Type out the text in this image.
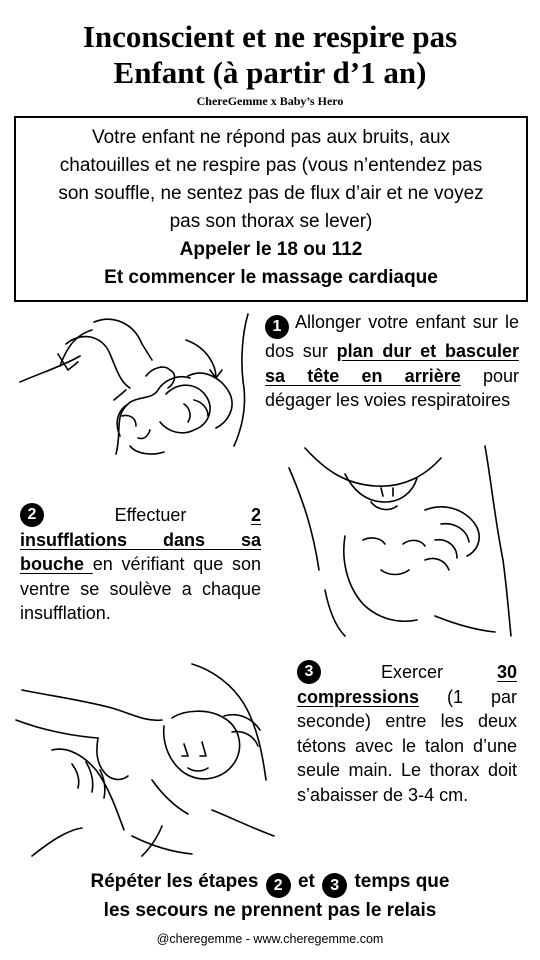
Inconscient et ne respire pas
Enfant (à partir d’1 an)
ChereGemme x Baby’s Hero
Votre enfant ne répond pas aux bruits, aux
chatouilles et ne respire pas (vous n’entendez pas
son souffle, ne sentez pas de flux d’air et ne voyez
pas son thorax se lever)
Appeler le 18 ou 112
Et commencer le massage cardiaque
1 Allonger votre enfant sur le dos sur plan dur et basculer sa tête en arrière pour dégager les voies respiratoires
2	Effectuer	2
insufflations dans sa bouche en vérifiant que son ventre se soulève a chaque insufflation.
3	Exercer	30
compressions (1 par seconde) entre les deux tétons avec le talon d’une seule main. Le thorax doit s’abaisser de 3-4 cm.
Répéter les étapes 2 et 3 temps que
les secours ne prennent pas le relais
@cheregemme - www.cheregemme.com
